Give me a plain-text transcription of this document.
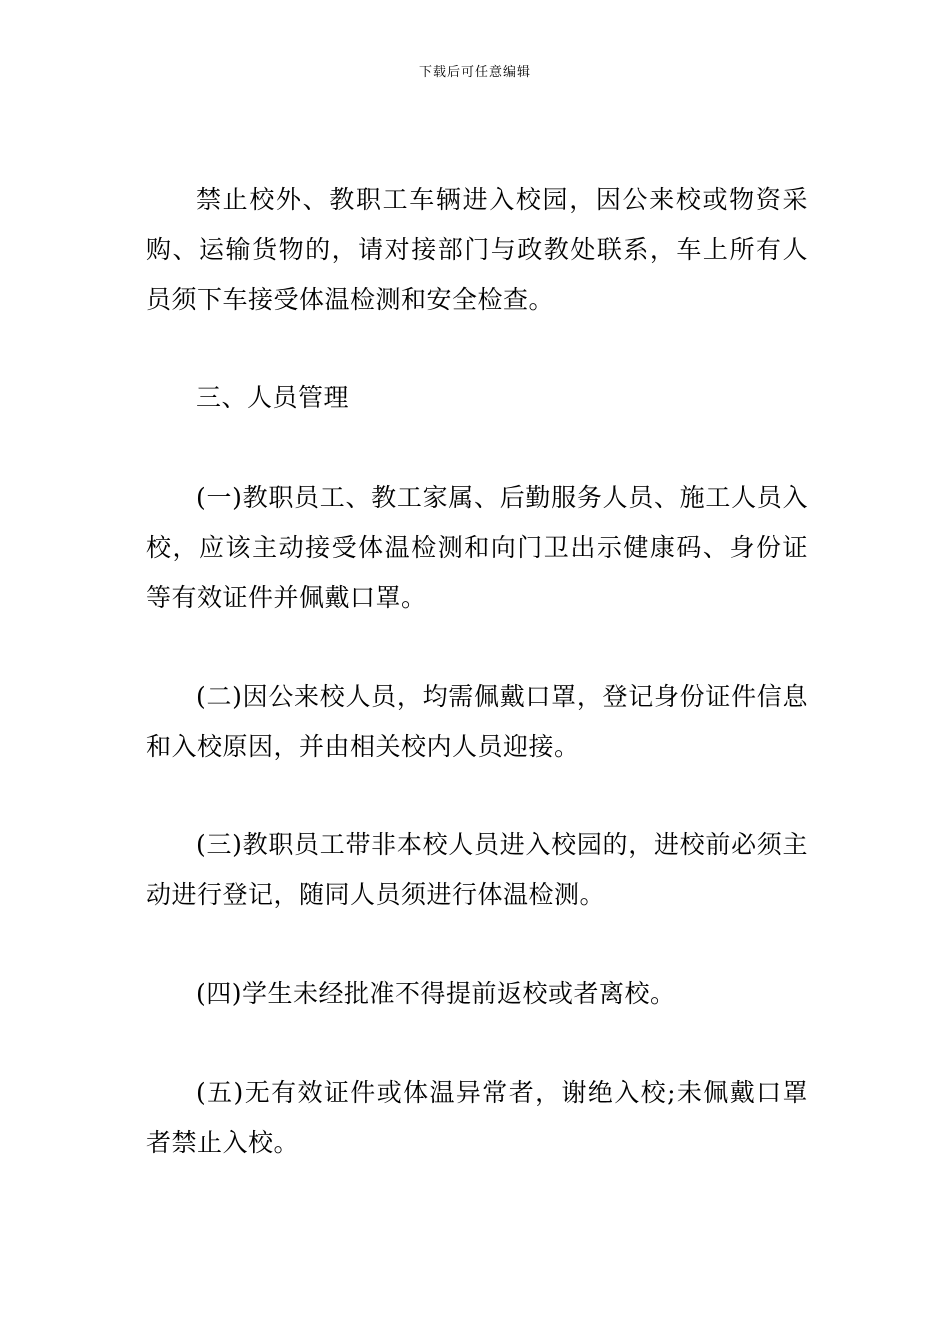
下载后可任意编辑

禁止校外、教职工车辆进入校园，因公来校或物资采购、运输货物的，请对接部门与政教处联系，车上所有人员须下车接受体温检测和安全检查。

三、人员管理

(一)教职员工、教工家属、后勤服务人员、施工人员入校，应该主动接受体温检测和向门卫出示健康码、身份证等有效证件并佩戴口罩。

(二)因公来校人员，均需佩戴口罩，登记身份证件信息和入校原因，并由相关校内人员迎接。

(三)教职员工带非本校人员进入校园的，进校前必须主动进行登记，随同人员须进行体温检测。

(四)学生未经批准不得提前返校或者离校。

(五)无有效证件或体温异常者，谢绝入校;未佩戴口罩者禁止入校。
